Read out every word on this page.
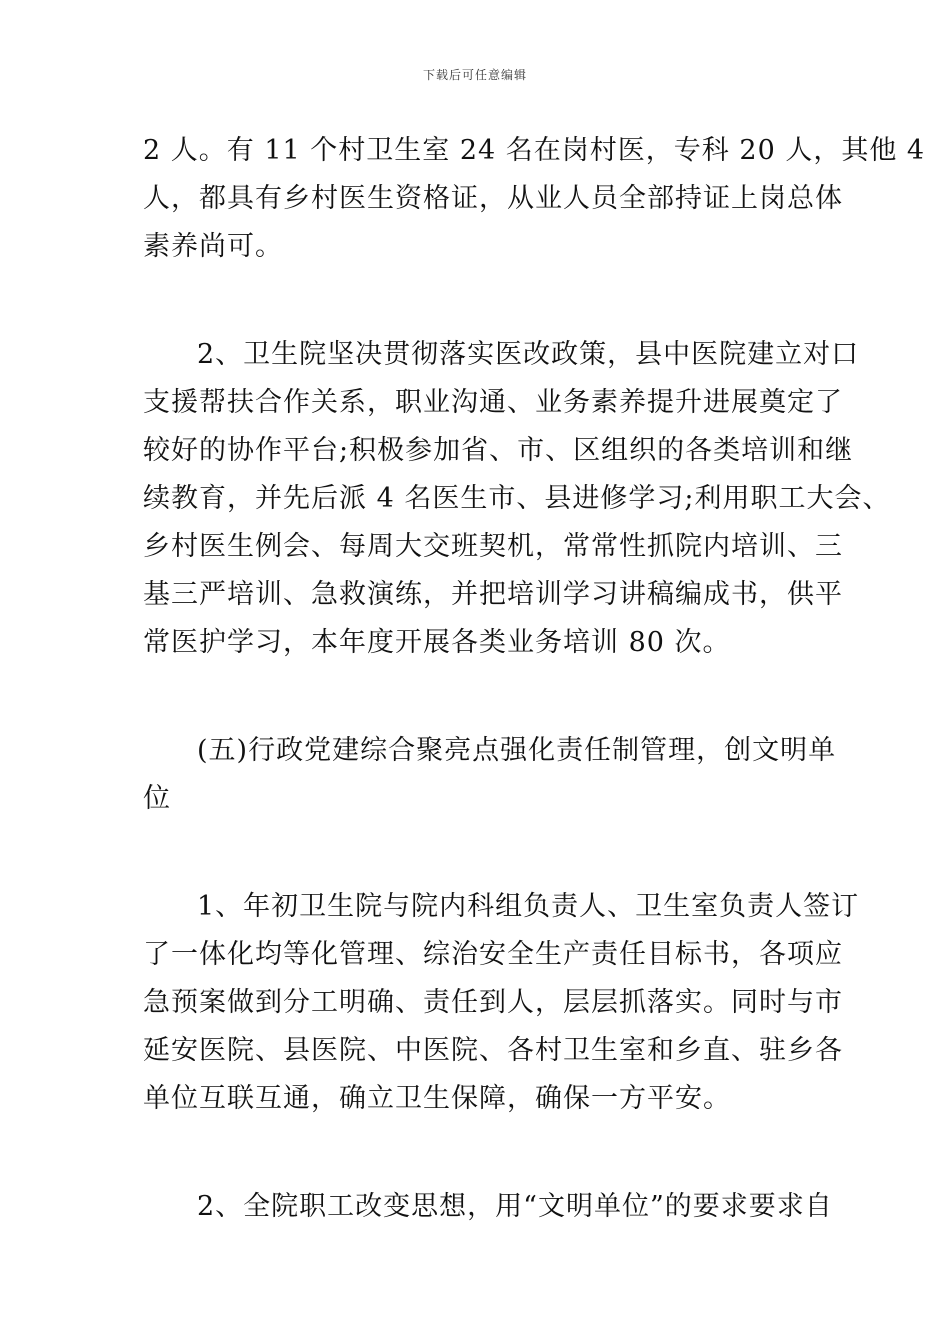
下载后可任意编辑
2 人。有 11 个村卫生室 24 名在岗村医，专科 20 人，其他 4
人，都具有乡村医生资格证，从业人员全部持证上岗总体
素养尚可。
2、卫生院坚决贯彻落实医改政策，县中医院建立对口
支援帮扶合作关系，职业沟通、业务素养提升进展奠定了
较好的协作平台;积极参加省、市、区组织的各类培训和继
续教育，并先后派 4 名医生市、县进修学习;利用职工大会、
乡村医生例会、每周大交班契机，常常性抓院内培训、三
基三严培训、急救演练，并把培训学习讲稿编成书，供平
常医护学习，本年度开展各类业务培训 80 次。
(五)行政党建综合聚亮点强化责任制管理，创文明单
位
1、年初卫生院与院内科组负责人、卫生室负责人签订
了一体化均等化管理、综治安全生产责任目标书，各项应
急预案做到分工明确、责任到人，层层抓落实。同时与市
延安医院、县医院、中医院、各村卫生室和乡直、驻乡各
单位互联互通，确立卫生保障，确保一方平安。
2、全院职工改变思想，用“文明单位”的要求要求自
